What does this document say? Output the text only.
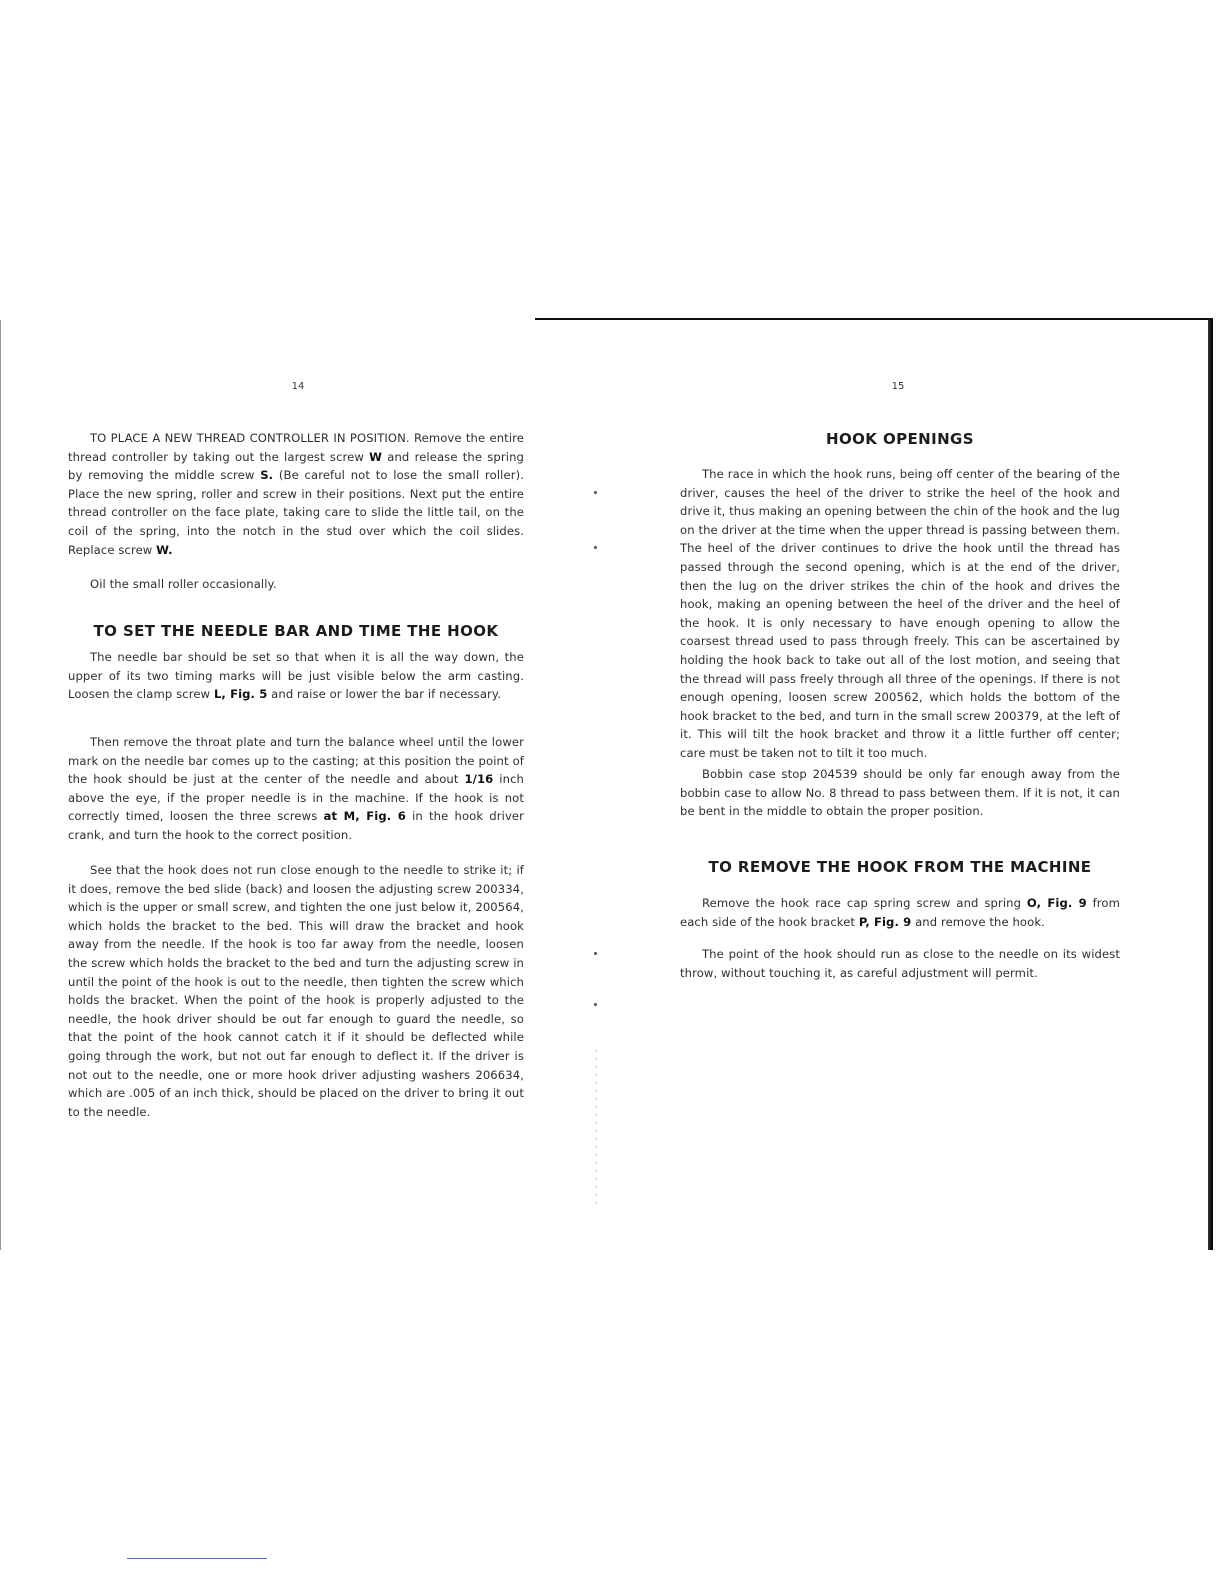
14

TO PLACE A NEW THREAD CONTROLLER IN POSITION. Remove the entire thread controller by taking out the largest screw W and release the spring by removing the middle screw S. (Be careful not to lose the small roller). Place the new spring, roller and screw in their positions. Next put the entire thread controller on the face plate, taking care to slide the little tail, on the coil of the spring, into the notch in the stud over which the coil slides. Replace screw W.

Oil the small roller occasionally.

TO SET THE NEEDLE BAR AND TIME THE HOOK

The needle bar should be set so that when it is all the way down, the upper of its two timing marks will be just visible below the arm casting. Loosen the clamp screw L, Fig. 5 and raise or lower the bar if necessary.

Then remove the throat plate and turn the balance wheel until the lower mark on the needle bar comes up to the casting; at this position the point of the hook should be just at the center of the needle and about 1/16 inch above the eye, if the proper needle is in the machine. If the hook is not correctly timed, loosen the three screws at M, Fig. 6 in the hook driver crank, and turn the hook to the correct position.

See that the hook does not run close enough to the needle to strike it; if it does, remove the bed slide (back) and loosen the adjusting screw 200334, which is the upper or small screw, and tighten the one just below it, 200564, which holds the bracket to the bed. This will draw the bracket and hook away from the needle. If the hook is too far away from the needle, loosen the screw which holds the bracket to the bed and turn the adjusting screw in until the point of the hook is out to the needle, then tighten the screw which holds the bracket. When the point of the hook is properly adjusted to the needle, the hook driver should be out far enough to guard the needle, so that the point of the hook cannot catch it if it should be deflected while going through the work, but not out far enough to deflect it. If the driver is not out to the needle, one or more hook driver adjusting washers 206634, which are .005 of an inch thick, should be placed on the driver to bring it out to the needle.

15
HOOK OPENINGS

The race in which the hook runs, being off center of the bearing of the driver, causes the heel of the driver to strike the heel of the hook and drive it, thus making an opening between the chin of the hook and the lug on the driver at the time when the upper thread is passing between them. The heel of the driver continues to drive the hook until the thread has passed through the second opening, which is at the end of the driver, then the lug on the driver strikes the chin of the hook and drives the hook, making an opening between the heel of the driver and the heel of the hook. It is only necessary to have enough opening to allow the coarsest thread used to pass through freely. This can be ascertained by holding the hook back to take out all of the lost motion, and seeing that the thread will pass freely through all three of the openings. If there is not enough opening, loosen screw 200562, which holds the bottom of the hook bracket to the bed, and turn in the small screw 200379, at the left of it. This will tilt the hook bracket and throw it a little further off center; care must be taken not to tilt it too much.

Bobbin case stop 204539 should be only far enough away from the bobbin case to allow No. 8 thread to pass between them. If it is not, it can be bent in the middle to obtain the proper position.

TO REMOVE THE HOOK FROM THE MACHINE

Remove the hook race cap spring screw and spring O, Fig. 9 from each side of the hook bracket P, Fig. 9 and remove the hook.

The point of the hook should run as close to the needle on its widest throw, without touching it, as careful adjustment will permit.
